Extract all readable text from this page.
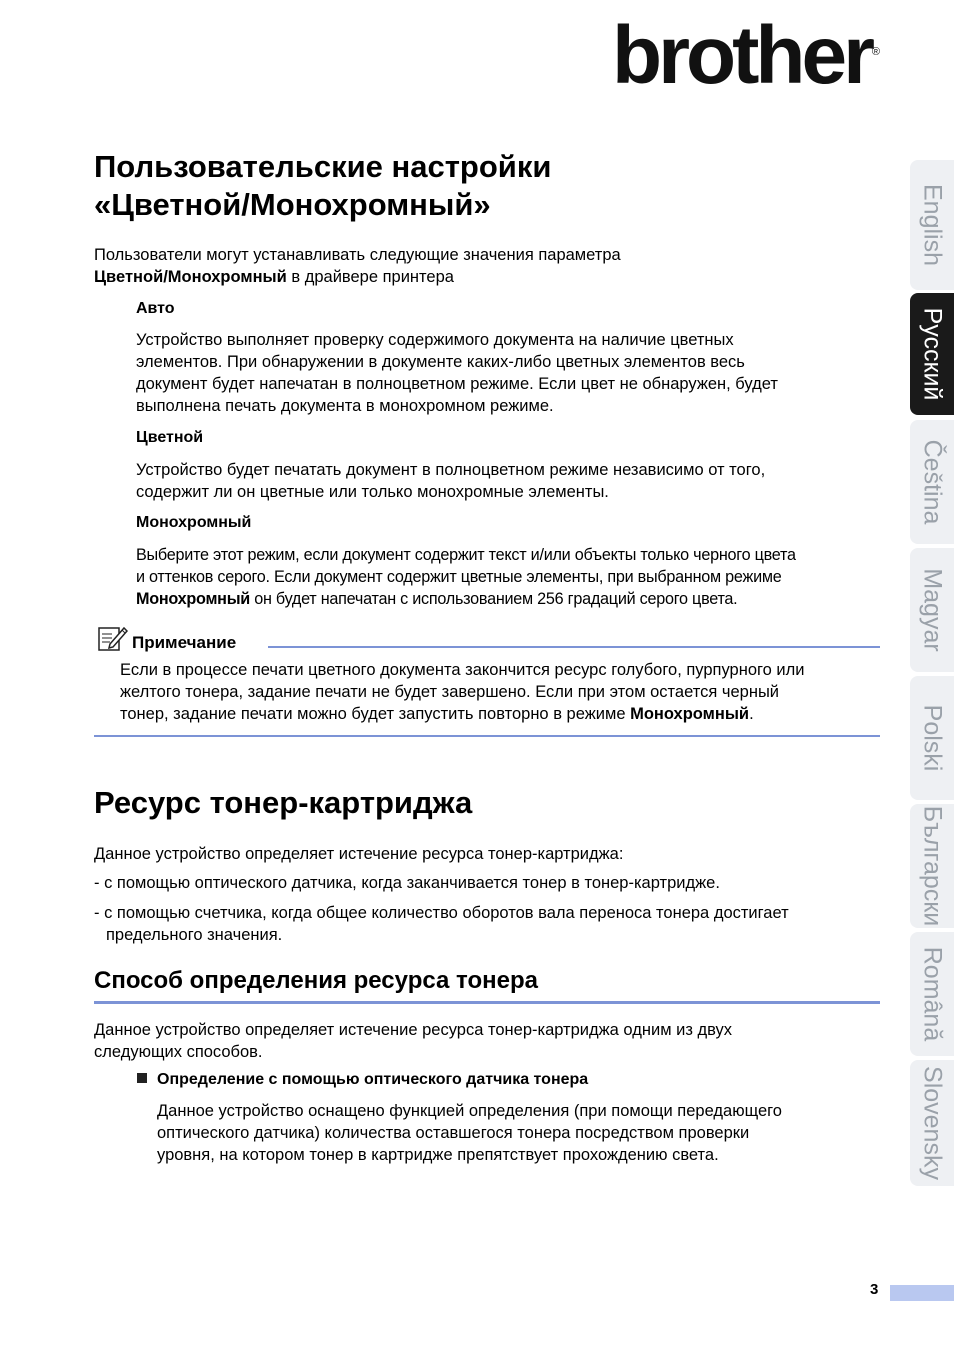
brother ®
Пользовательские настройки
«Цветной/Монохромный»

Пользователи могут устанавливать следующие значения параметра
Цветной/Монохромный в драйвере принтера

Авто

Устройство выполняет проверку содержимого документа на наличие цветных
элементов. При обнаружении в документе каких-либо цветных элементов весь
документ будет напечатан в полноцветном режиме. Если цвет не обнаружен, будет
выполнена печать документа в монохромном режиме.

Цветной

Устройство будет печатать документ в полноцветном режиме независимо от того,
содержит ли он цветные или только монохромные элементы.

Монохромный

Выберите этот режим, если документ содержит текст и/или объекты только черного цвета
и оттенков серого. Если документ содержит цветные элементы, при выбранном режиме
Монохромный он будет напечатан с использованием 256 градаций серого цвета.

Примечание

Если в процессе печати цветного документа закончится ресурс голубого, пурпурного или
желтого тонера, задание печати не будет завершено. Если при этом остается черный
тонер, задание печати можно будет запустить повторно в режиме Монохромный.

Ресурс тонер-картриджа

Данное устройство определяет истечение ресурса тонер-картриджа:

- с помощью оптического датчика, когда заканчивается тонер в тонер-картридже.

- с помощью счетчика, когда общее количество оборотов вала переноса тонера достигает
предельного значения.

Способ определения ресурса тонера

Данное устройство определяет истечение ресурса тонер-картриджа одним из двух
следующих способов.

Определение с помощью оптического датчика тонера

Данное устройство оснащено функцией определения (при помощи передающего
оптического датчика) количества оставшегося тонера посредством проверки
уровня, на котором тонер в картридже препятствует прохождению света.

English
Русский
Čeština
Magyar
Polski
Български
Română
Slovensky
3
